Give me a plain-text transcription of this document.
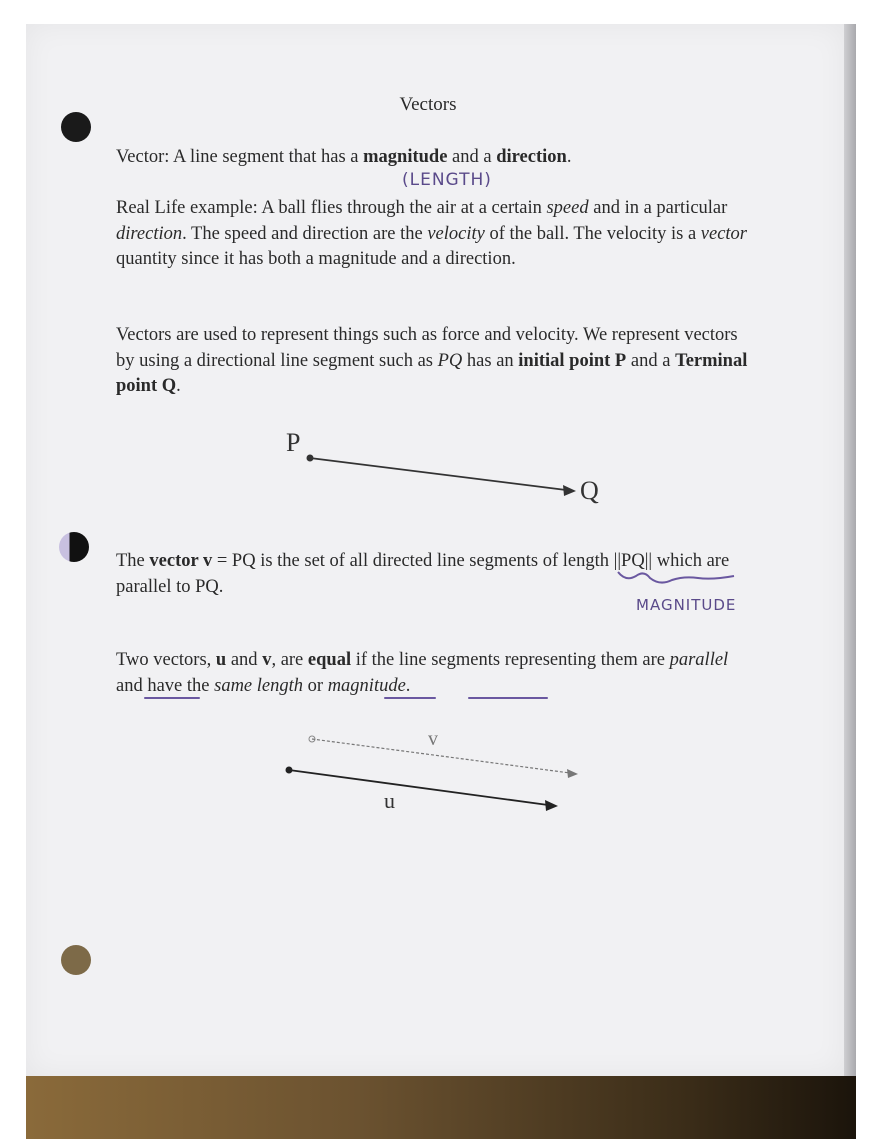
Vectors
Vector: A line segment that has a magnitude and a direction.
(LENGTH)
Real Life example: A ball flies through the air at a certain speed and in a particular direction. The speed and direction are the velocity of the ball. The velocity is a vector quantity since it has both a magnitude and a direction.
Vectors are used to represent things such as force and velocity. We represent vectors by using a directional line segment such as PQ has an initial point P and a Terminal point Q.
P
Q
The vector v = PQ is the set of all directed line segments of length ||PQ|| which are parallel to PQ.
MAGNITUDE
Two vectors, u and v, are equal if the line segments representing them are parallel and have the same length or magnitude.
v
u
